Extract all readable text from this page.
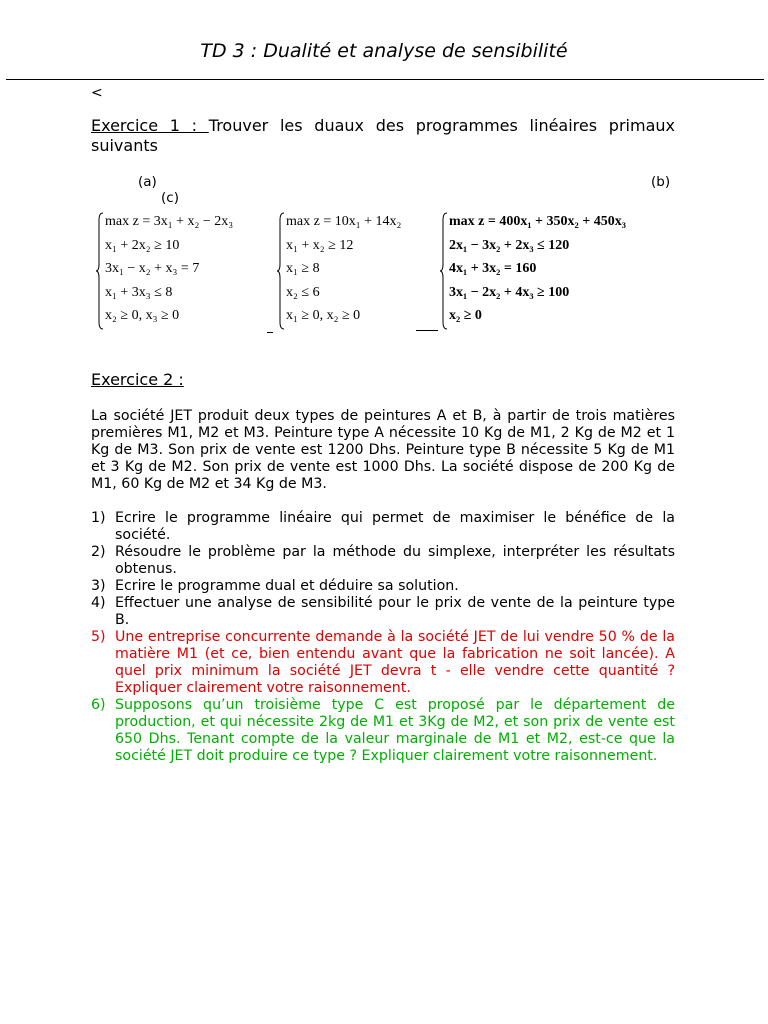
TD 3 : Dualité et analyse de sensibilité
<
Exercice 1 : Trouver les duaux des programmes linéaires primaux suivants
(a)	(b)
(c)
max z = 3x₁ + x₂ − 2x₃
x₁ + 2x₂ ≥ 10
3x₁ − x₂ + x₃ = 7
x₁ + 3x₃ ≤ 8
x₂ ≥ 0, x₃ ≥ 0
max z = 10x₁ + 14x₂
x₁ + x₂ ≥ 12
x₁ ≥ 8
x₂ ≤ 6
x₁ ≥ 0, x₂ ≥ 0
max z = 400x₁ + 350x₂ + 450x₃
2x₁ − 3x₂ + 2x₃ ≤ 120
4x₁ + 3x₂ = 160
3x₁ − 2x₂ + 4x₃ ≥ 100
x₂ ≥ 0
Exercice 2 :
La société JET produit deux types de peintures A et B, à partir de trois matières premières M1, M2 et M3. Peinture type A nécessite 10 Kg de M1, 2 Kg de M2 et 1 Kg de M3. Son prix de vente est 1200 Dhs. Peinture type B nécessite 5 Kg de M1 et 3 Kg de M2. Son prix de vente est 1000 Dhs. La société dispose de 200 Kg de M1, 60 Kg de M2 et 34 Kg de M3.
1) Ecrire le programme linéaire qui permet de maximiser le bénéfice de la société.
2) Résoudre le problème par la méthode du simplexe, interpréter les résultats obtenus.
3) Ecrire le programme dual et déduire sa solution.
4) Effectuer une analyse de sensibilité pour le prix de vente de la peinture type B.
5) Une entreprise concurrente demande à la société JET de lui vendre 50 % de la matière M1 (et ce, bien entendu avant que la fabrication ne soit lancée). A quel prix minimum la société JET devra t - elle vendre cette quantité ? Expliquer clairement votre raisonnement.
6) Supposons qu’un troisième type C est proposé par le département de production, et qui nécessite 2kg de M1 et 3Kg de M2, et son prix de vente est 650 Dhs. Tenant compte de la valeur marginale de M1 et M2, est-ce que la société JET doit produire ce type ? Expliquer clairement votre raisonnement.
